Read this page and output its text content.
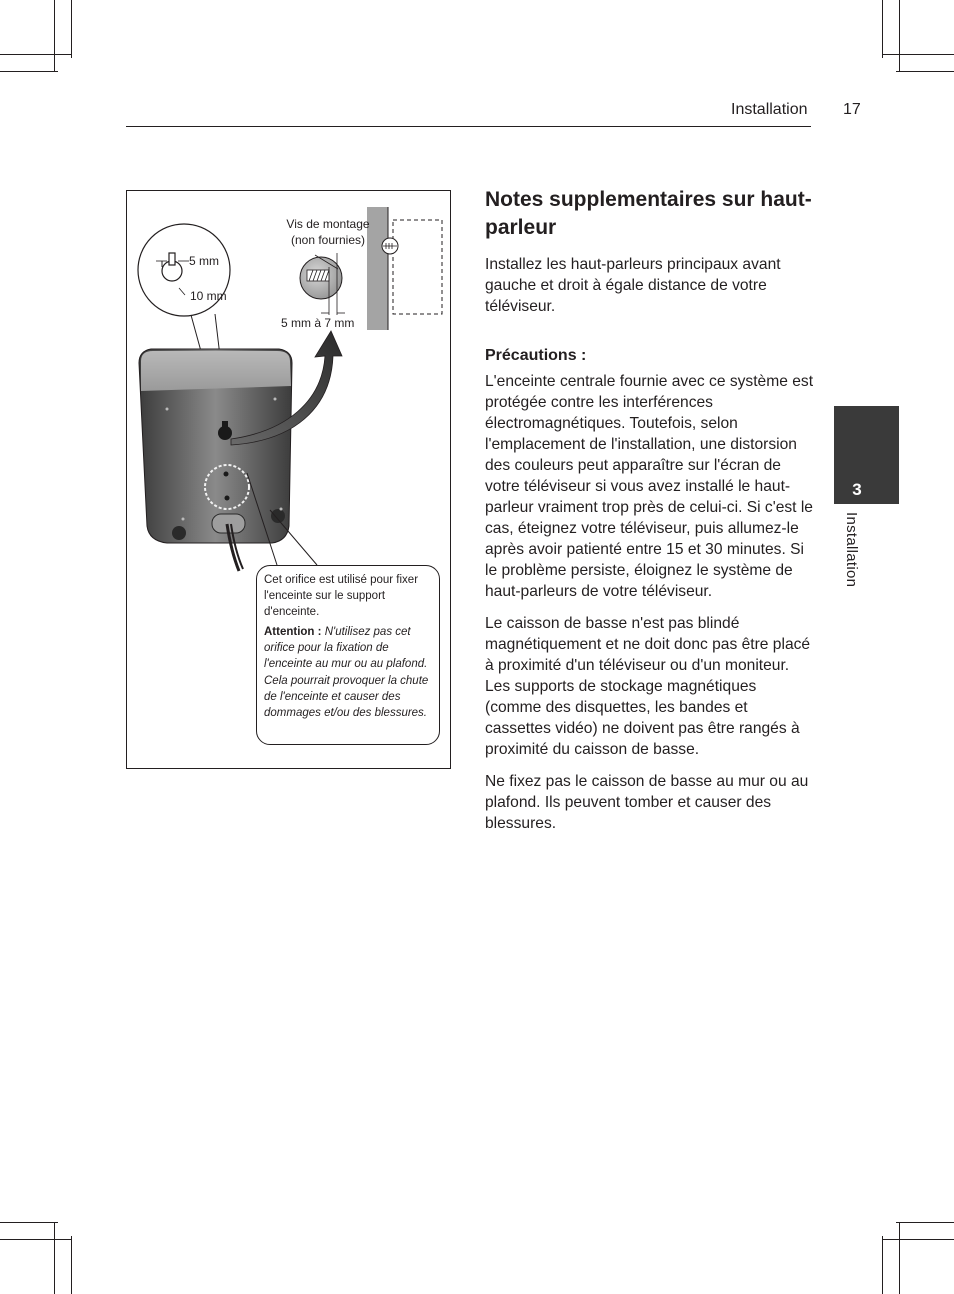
Installation 17
3
Installation
Vis de montage
(non fournies)
5 mm
10 mm
5 mm à 7 mm

Cet orifice est utilisé pour fixer l'enceinte sur le support d'enceinte.

Attention : N'utilisez pas cet orifice pour la fixation de l'enceinte au mur ou au plafond. Cela pourrait provoquer la chute de l'enceinte et causer des dommages et/ou des blessures.

Notes supplementaires sur haut-parleur

Installez les haut-parleurs principaux avant gauche et droit à égale distance de votre téléviseur.

Précautions :

L'enceinte centrale fournie avec ce système est protégée contre les interférences électromagnétiques. Toutefois, selon l'emplacement de l'installation, une distorsion des couleurs peut apparaître sur l'écran de votre téléviseur si vous avez installé le haut-parleur vraiment trop près de celui-ci. Si c'est le cas, éteignez votre téléviseur, puis allumez-le après avoir patienté entre 15 et 30 minutes. Si le problème persiste, éloignez le système de haut-parleurs de votre téléviseur.

Le caisson de basse n'est pas blindé magnétiquement et ne doit donc pas être placé à proximité d'un téléviseur ou d'un moniteur. Les supports de stockage magnétiques (comme des disquettes, les bandes et cassettes vidéo) ne doivent pas être rangés à proximité du caisson de basse.

Ne fixez pas le caisson de basse au mur ou au plafond. Ils peuvent tomber et causer des blessures.
